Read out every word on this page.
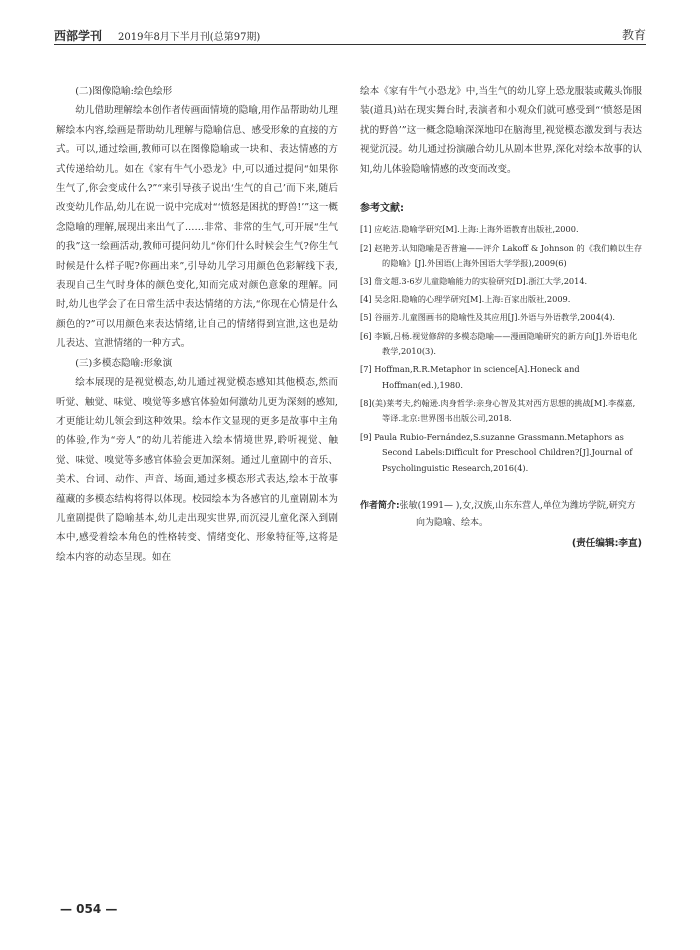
西部学刊 2019年8月下半月刊(总第97期)	教育
(二)图像隐喻:绘色绘形

幼儿借助理解绘本创作者传画面情境的隐喻,用作品帮助幼儿理解绘本内容,绘画是帮助幼儿理解与隐喻信息、感受形象的直接的方式。可以,通过绘画,教师可以在图像隐喻或一块和、表达情感的方式传递给幼儿。如在《家有牛气小恐龙》中,可以通过提问“如果你生气了,你会变成什么?”“来引导孩子说出‘生气的自己’而下来,随后改变幼儿作品,幼儿在说一说中完成对“‘愤怒是困扰的野兽!’”这一概念隐喻的理解,展现出来出气了……非常、非常的生气,可开展“生气的我”这一绘画活动,教师可提问幼儿“你们什么时候会生气?你生气时候是什么样子呢?你画出来”,引导幼儿学习用颜色色彩解线下表,表现自己生气时身体的颜色变化,知而完成对颜色意象的理解。同时,幼儿也学会了在日常生活中表达情绪的方法,“你现在心情是什么颜色的?”可以用颜色来表达情绪,让自己的情绪得到宣泄,这也是幼儿表达、宣泄情绪的一种方式。

(三)多模态隐喻:形象演

绘本展现的是视觉模态,幼儿通过视觉模态感知其他模态,然而听觉、触觉、味觉、嗅觉等多感官体验如何激幼儿更为深刻的感知,才更能让幼儿领会到这种效果。绘本作文显现的更多是故事中主角的体验,作为“旁人”的幼儿若能进入绘本情境世界,聆听视觉、触觉、味觉、嗅觉等多感官体验会更加深刻。通过儿童剧中的音乐、美术、台词、动作、声音、场面,通过多模态形式表达,绘本于故事蕴藏的多模态结构将得以体现。校园绘本为各感官的儿童剧剧本为儿童剧提供了隐喻基本,幼儿走出现实世界,而沉浸儿童化深入到剧本中,感受着绘本角色的性格转变、情绪变化、形象特征等,这将是绘本内容的动态呈现。如在

绘本《家有牛气小恐龙》中,当生气的幼儿穿上恐龙服装或戴头饰服装(道具)站在现实舞台时,表演者和小观众们就可感受到“‘愤怒是困扰的野兽’”这一概念隐喻深深地印在脑海里,视觉模态激发到与表达视觉沉浸。幼儿通过扮演融合幼儿从剧本世界,深化对绘本故事的认知,幼儿体验隐喻情感的改变而改变。

参考文献:
[1] 应屹洁.隐喻学研究[M].上海:上海外语教育出版社,2000.
[2] 赵艳芳.认知隐喻是否普遍——评介 Lakoff & Johnson 的《我们赖以生存的隐喻》[J].外国语(上海外国语大学学报),2009(6)
[3] 詹文超.3-6岁儿童隐喻能力的实验研究[D].浙江大学,2014.
[4] 吴念阳.隐喻的心理学研究[M].上海:百家出版社,2009.
[5] 谷丽芳.儿童图画书的隐喻性及其应用[J].外语与外语教学,2004(4).
[6] 李颖,吕杨.视觉修辞的多模态隐喻——漫画隐喻研究的新方向[J].外语电化教学,2010(3).
[7] Hoffman,R.R.Metaphor in science[A].Honeck and Hoffman(ed.),1980.
[8](美)莱考夫,约翰逊.肉身哲学:亲身心智及其对西方思想的挑战[M].李葆嘉,等译.北京:世界图书出版公司,2018.
[9] Paula Rubio-Fernández,S.suzanne Grassmann.Metaphors as Second Labels:Difficult for Preschool Children?[J].Journal of Psycholinguistic Research,2016(4).
作者简介:张敏(1991— ),女,汉族,山东东营人,单位为潍坊学院,研究方向为隐喻、绘本。
(责任编辑:李直)
— 054 —
